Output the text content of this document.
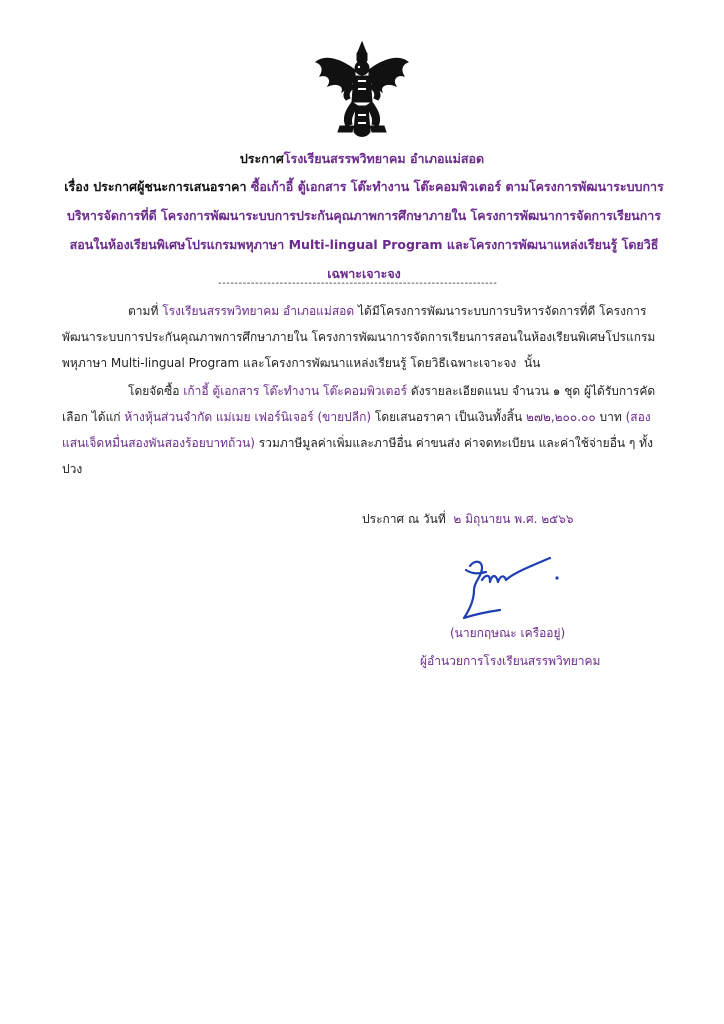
ประกาศโรงเรียนสรรพวิทยาคม อำเภอแม่สอด
เรื่อง ประกาศผู้ชนะการเสนอราคา ซื้อเก้าอี้ ตู้เอกสาร โต๊ะทำงาน โต๊ะคอมพิวเตอร์ ตามโครงการพัฒนาระบบการบริหารจัดการที่ดี โครงการพัฒนาระบบการประกันคุณภาพการศึกษาภายใน โครงการพัฒนาการจัดการเรียนการสอนในห้องเรียนพิเศษโปรแกรมพหุภาษา Multi-lingual Program และโครงการพัฒนาแหล่งเรียนรู้ โดยวิธีเฉพาะเจาะจง
--------------------------------------------------------------------
ตามที่ โรงเรียนสรรพวิทยาคม อำเภอแม่สอด ได้มีโครงการพัฒนาระบบการบริหารจัดการที่ดี โครงการพัฒนาระบบการประกันคุณภาพการศึกษาภายใน โครงการพัฒนาการจัดการเรียนการสอนในห้องเรียนพิเศษโปรแกรมพหุภาษา Multi-lingual Program และโครงการพัฒนาแหล่งเรียนรู้ โดยวิธีเฉพาะเจาะจง นั้น
โดยจัดซื้อ เก้าอี้ ตู้เอกสาร โต๊ะทำงาน โต๊ะคอมพิวเตอร์ ดังรายละเอียดแนบ จำนวน ๑ ชุด ผู้ได้รับการคัดเลือก ได้แก่ ห้างหุ้นส่วนจำกัด แม่เมย เฟอร์นิเจอร์ (ขายปลีก) โดยเสนอราคา เป็นเงินทั้งสิ้น ๒๗๒,๒๐๐.๐๐ บาท (สองแสนเจ็ดหมื่นสองพันสองร้อยบาทถ้วน) รวมภาษีมูลค่าเพิ่มและภาษีอื่น ค่าขนส่ง ค่าจดทะเบียน และค่าใช้จ่ายอื่น ๆ ทั้งปวง
ประกาศ ณ วันที่ ๒ มิถุนายน พ.ศ. ๒๕๖๖
(นายกฤษณะ เครืออยู่)
ผู้อำนวยการโรงเรียนสรรพวิทยาคม
